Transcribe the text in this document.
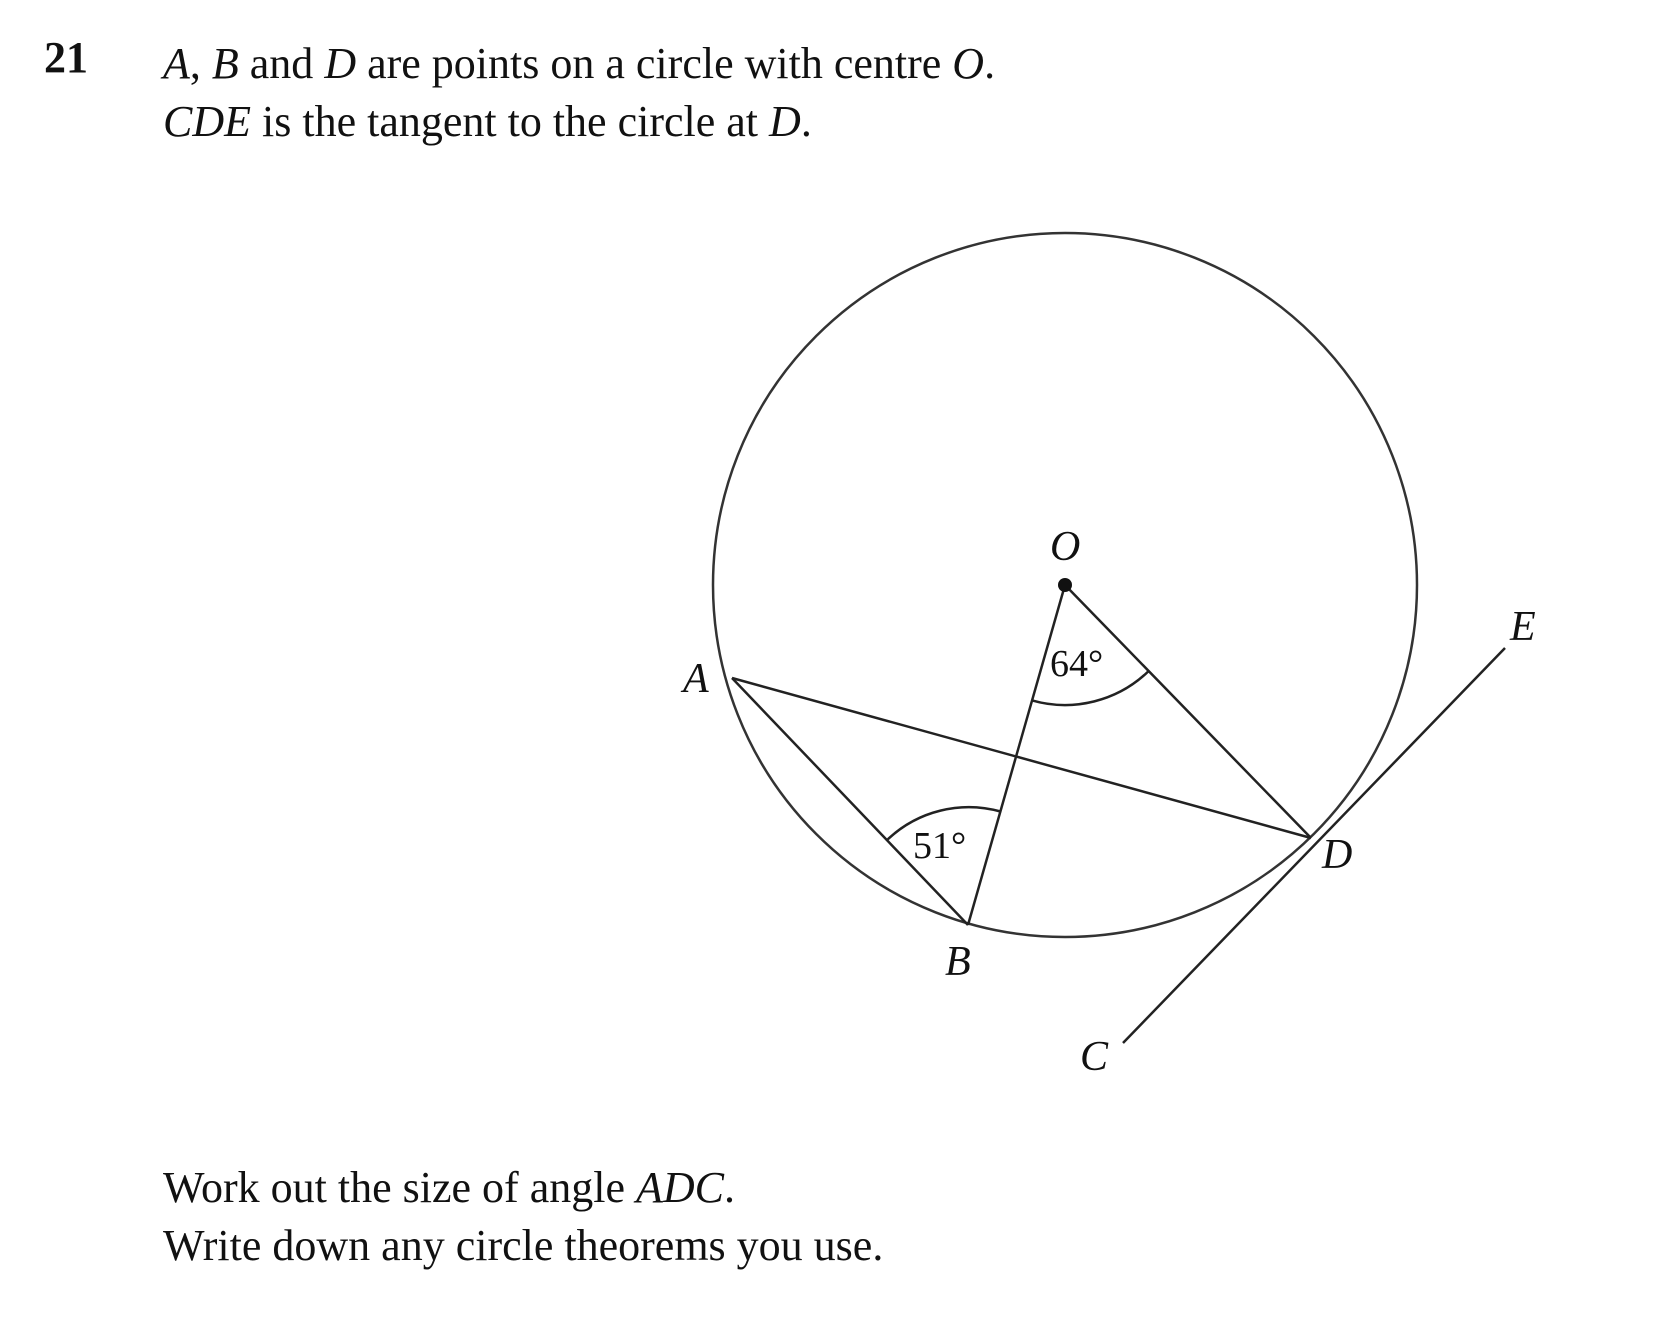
21 A, B and D are points on a circle with centre O.
CDE is the tangent to the circle at D.
51°
64°
O
A
B
C
D
E
Work out the size of angle ADC.
Write down any circle theorems you use.
